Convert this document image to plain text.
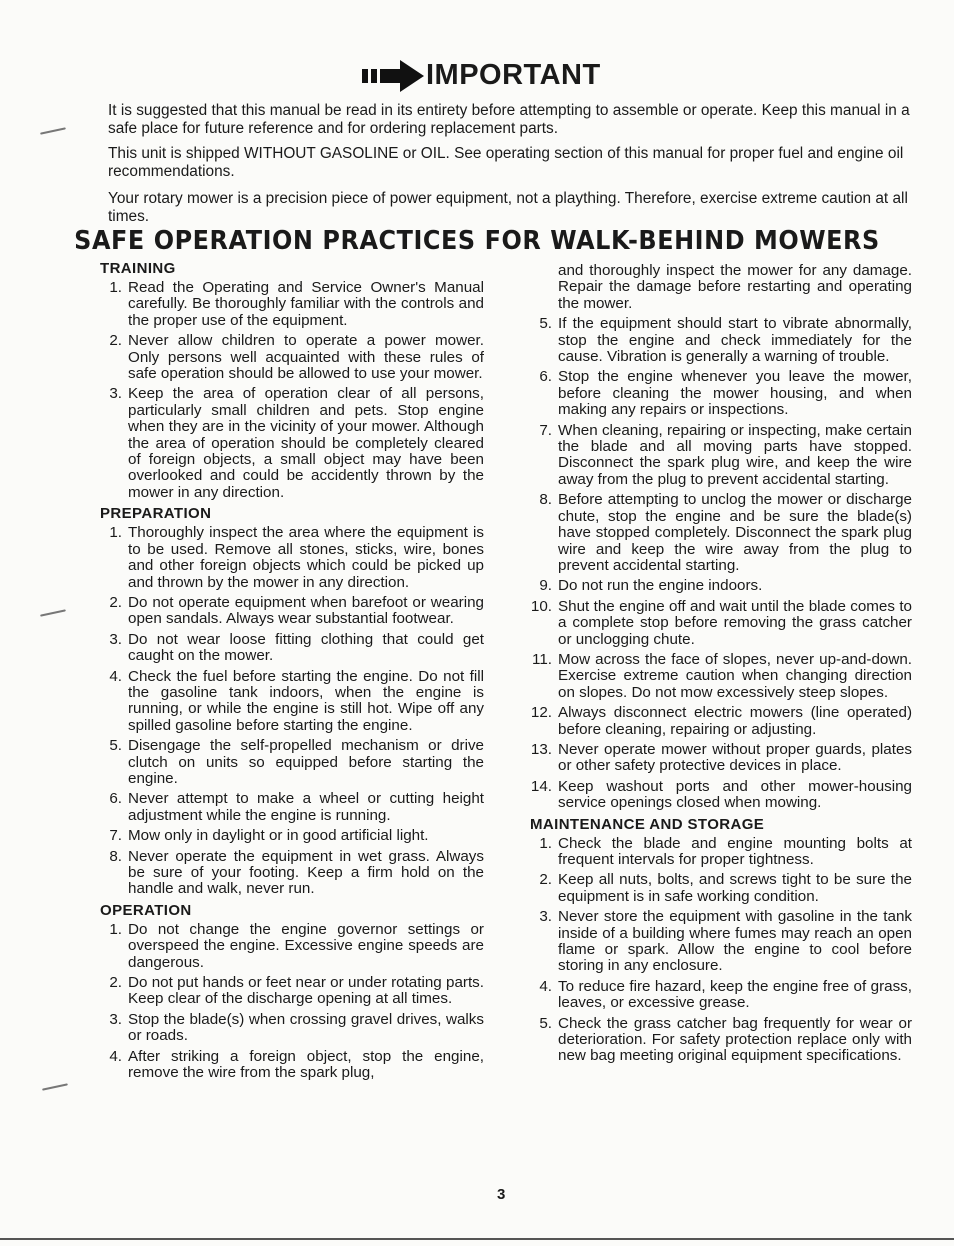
IMPORTANT
It is suggested that this manual be read in its entirety before attempting to assemble or operate. Keep this manual in a safe place for future reference and for ordering replacement parts.
This unit is shipped WITHOUT GASOLINE or OIL. See operating section of this manual for proper fuel and engine oil recommendations.
Your rotary mower is a precision piece of power equipment, not a plaything. Therefore, exercise extreme caution at all times.
SAFE OPERATION PRACTICES FOR WALK-BEHIND MOWERS
TRAINING
1. Read the Operating and Service Owner's Manual carefully. Be thoroughly familiar with the controls and the proper use of the equipment.
2. Never allow children to operate a power mower. Only persons well acquainted with these rules of safe operation should be allowed to use your mower.
3. Keep the area of operation clear of all persons, particularly small children and pets. Stop engine when they are in the vicinity of your mower. Although the area of operation should be completely cleared of foreign objects, a small object may have been overlooked and could be accidently thrown by the mower in any direction.
PREPARATION
1. Thoroughly inspect the area where the equipment is to be used. Remove all stones, sticks, wire, bones and other foreign objects which could be picked up and thrown by the mower in any direction.
2. Do not operate equipment when barefoot or wearing open sandals. Always wear substantial footwear.
3. Do not wear loose fitting clothing that could get caught on the mower.
4. Check the fuel before starting the engine. Do not fill the gasoline tank indoors, when the engine is running, or while the engine is still hot. Wipe off any spilled gasoline before starting the engine.
5. Disengage the self-propelled mechanism or drive clutch on units so equipped before starting the engine.
6. Never attempt to make a wheel or cutting height adjustment while the engine is running.
7. Mow only in daylight or in good artificial light.
8. Never operate the equipment in wet grass. Always be sure of your footing. Keep a firm hold on the handle and walk, never run.
OPERATION
1. Do not change the engine governor settings or overspeed the engine. Excessive engine speeds are dangerous.
2. Do not put hands or feet near or under rotating parts. Keep clear of the discharge opening at all times.
3. Stop the blade(s) when crossing gravel drives, walks or roads.
4. After striking a foreign object, stop the engine, remove the wire from the spark plug,
and thoroughly inspect the mower for any damage. Repair the damage before restarting and operating the mower.
5. If the equipment should start to vibrate abnormally, stop the engine and check immediately for the cause. Vibration is generally a warning of trouble.
6. Stop the engine whenever you leave the mower, before cleaning the mower housing, and when making any repairs or inspections.
7. When cleaning, repairing or inspecting, make certain the blade and all moving parts have stopped. Disconnect the spark plug wire, and keep the wire away from the plug to prevent accidental starting.
8. Before attempting to unclog the mower or discharge chute, stop the engine and be sure the blade(s) have stopped completely. Disconnect the spark plug wire and keep the wire away from the plug to prevent accidental starting.
9. Do not run the engine indoors.
10. Shut the engine off and wait until the blade comes to a complete stop before removing the grass catcher or unclogging chute.
11. Mow across the face of slopes, never up-and-down. Exercise extreme caution when changing direction on slopes. Do not mow excessively steep slopes.
12. Always disconnect electric mowers (line operated) before cleaning, repairing or adjusting.
13. Never operate mower without proper guards, plates or other safety protective devices in place.
14. Keep washout ports and other mower-housing service openings closed when mowing.
MAINTENANCE AND STORAGE
1. Check the blade and engine mounting bolts at frequent intervals for proper tightness.
2. Keep all nuts, bolts, and screws tight to be sure the equipment is in safe working condition.
3. Never store the equipment with gasoline in the tank inside of a building where fumes may reach an open flame or spark. Allow the engine to cool before storing in any enclosure.
4. To reduce fire hazard, keep the engine free of grass, leaves, or excessive grease.
5. Check the grass catcher bag frequently for wear or deterioration. For safety protection replace only with new bag meeting original equipment specifications.
3
